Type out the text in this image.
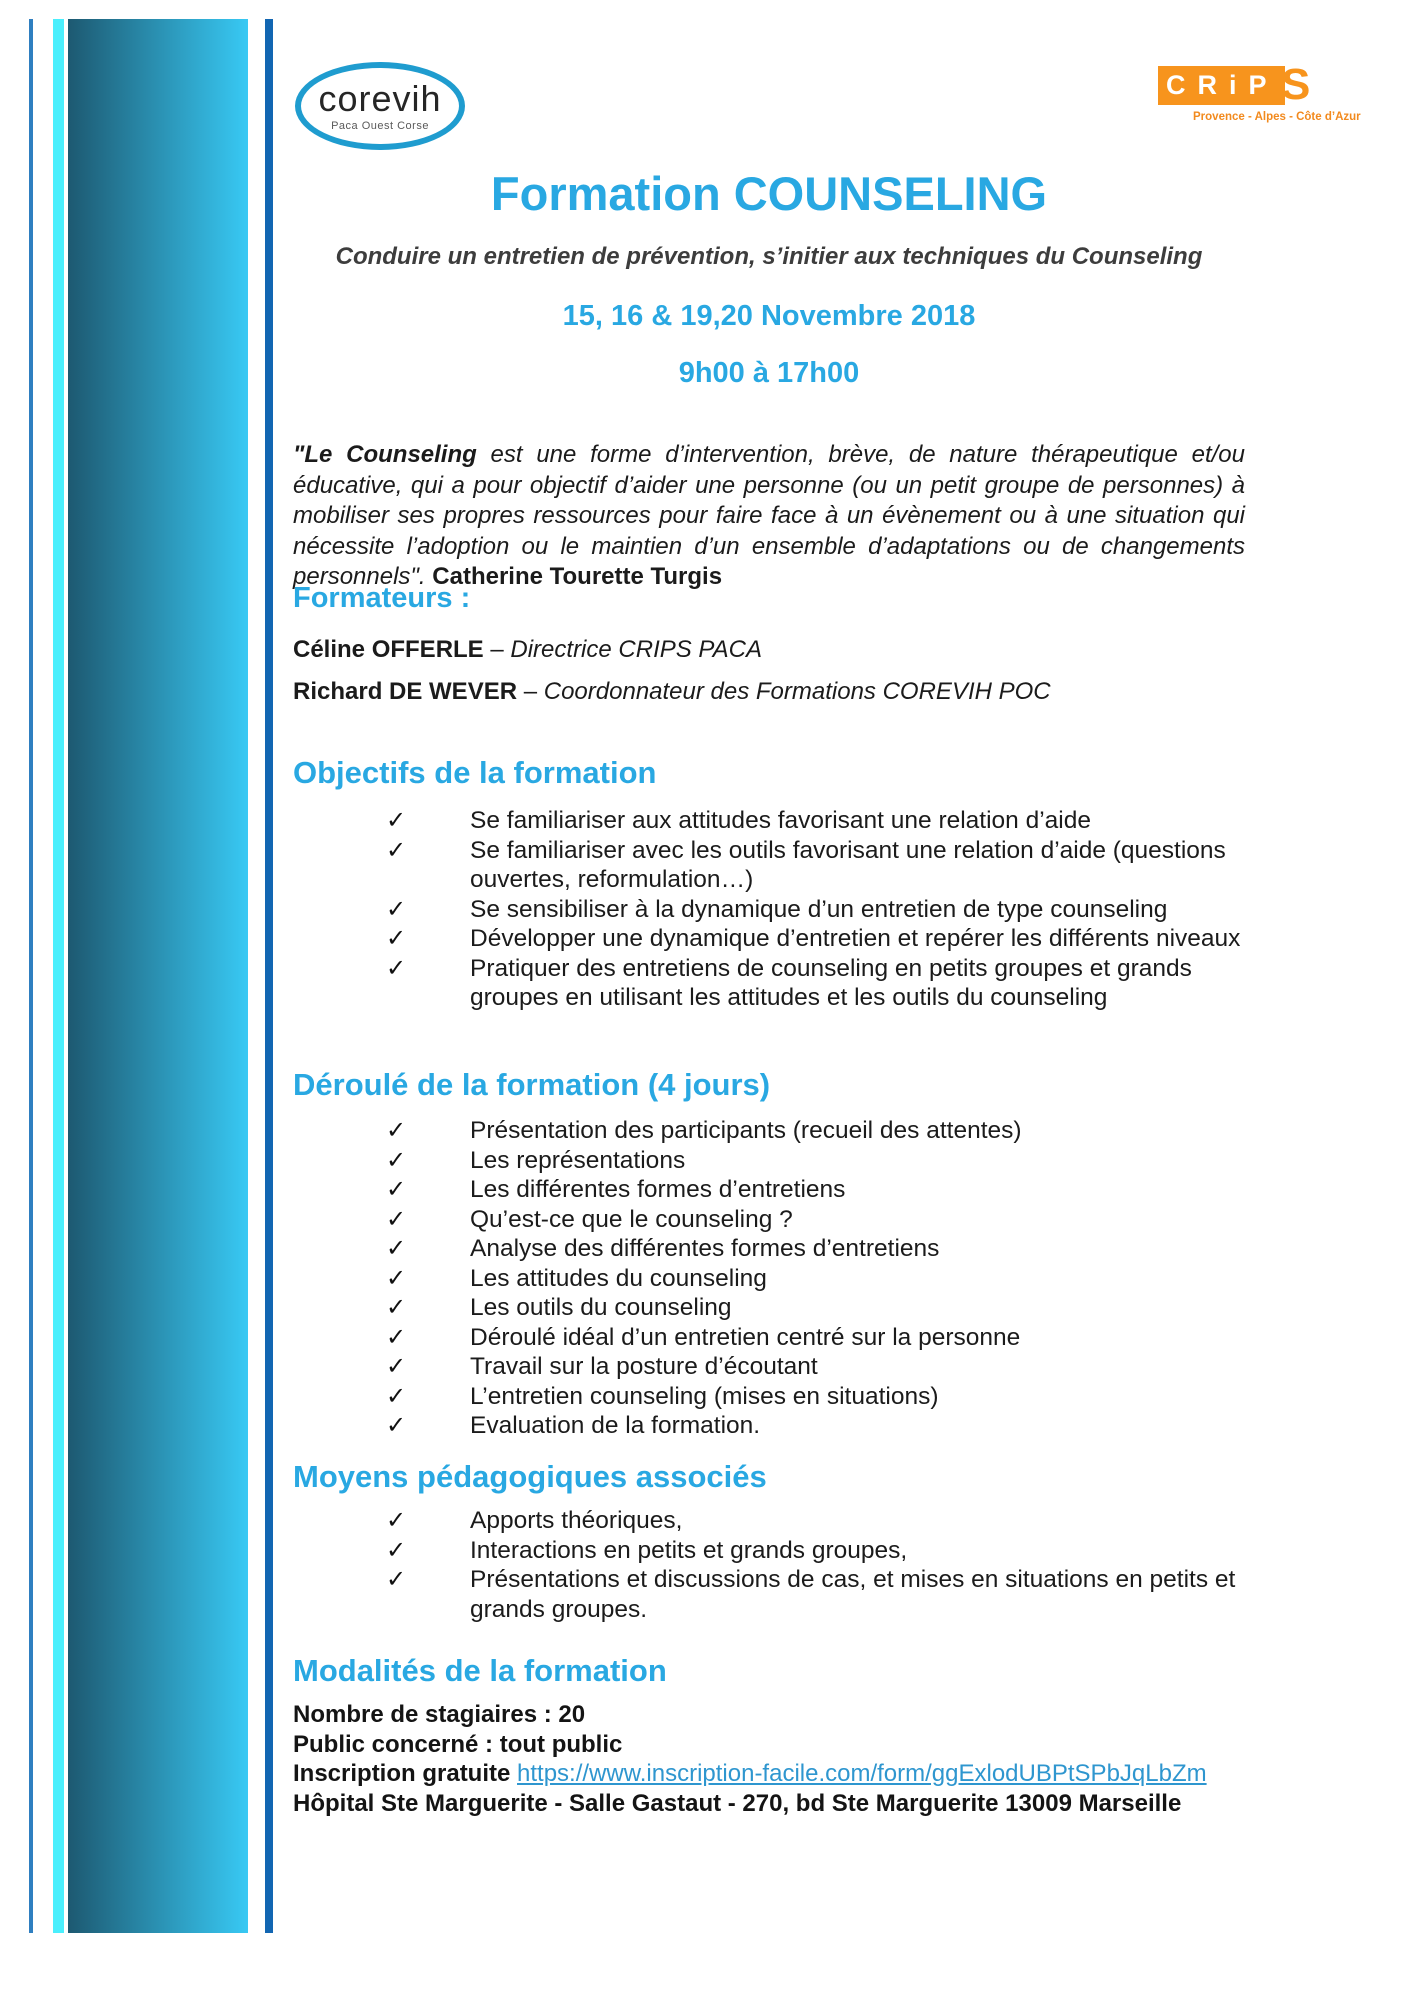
corevih
Paca Ouest Corse
CRiP S
Provence - Alpes - Côte d’Azur
Formation COUNSELING
Conduire un entretien de prévention, s’initier aux techniques du Counseling
15, 16 & 19,20 Novembre 2018
9h00 à 17h00

"Le Counseling est une forme d’intervention, brève, de nature thérapeutique et/ou éducative, qui a pour objectif d’aider une personne (ou un petit groupe de personnes) à mobiliser ses propres ressources pour faire face à un évènement ou à une situation qui nécessite l’adoption ou le maintien d’un ensemble d’adaptations ou de changements personnels". Catherine Tourette Turgis

Formateurs :
Céline OFFERLE – Directrice CRIPS PACA
Richard DE WEVER – Coordonnateur des Formations COREVIH POC
Objectifs de la formation
✓	Se familiariser aux attitudes favorisant une relation d’aide
✓	Se familiariser avec les outils favorisant une relation d’aide (questions ouvertes, reformulation…)
✓	Se sensibiliser à la dynamique d’un entretien de type counseling
✓	Développer une dynamique d’entretien et repérer les différents niveaux
✓	Pratiquer des entretiens de counseling en petits groupes et grands groupes en utilisant les attitudes et les outils du counseling
Déroulé de la formation (4 jours)
✓	Présentation des participants (recueil des attentes)
✓	Les représentations
✓	Les différentes formes d’entretiens
✓	Qu’est-ce que le counseling ?
✓	Analyse des différentes formes d’entretiens
✓	Les attitudes du counseling
✓	Les outils du counseling
✓	Déroulé idéal d’un entretien centré sur la personne
✓	Travail sur la posture d’écoutant
✓	L’entretien counseling (mises en situations)
✓	Evaluation de la formation.
Moyens pédagogiques associés
✓	Apports théoriques,
✓	Interactions en petits et grands groupes,
✓	Présentations et discussions de cas, et mises en situations en petits et grands groupes.
Modalités de la formation

Nombre de stagiaires : 20

Public concerné : tout public

Inscription gratuite https://www.inscription-facile.com/form/ggExlodUBPtSPbJqLbZm

Hôpital Ste Marguerite - Salle Gastaut - 270, bd Ste Marguerite 13009 Marseille
